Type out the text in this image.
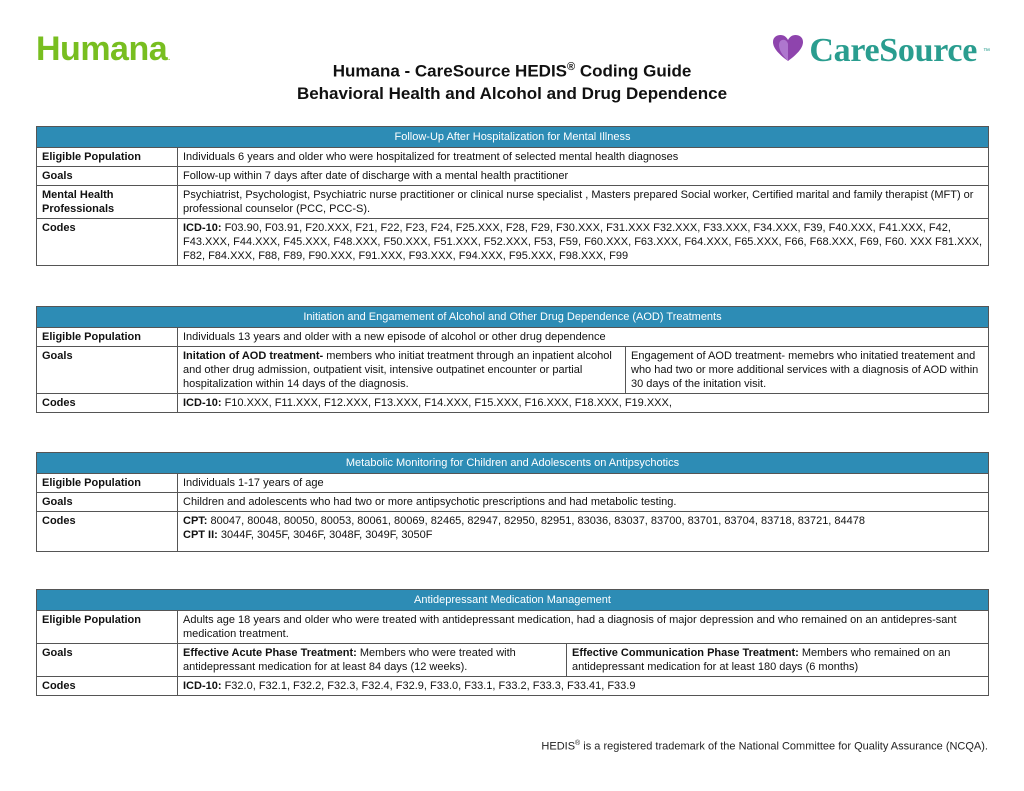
Humana.	CareSource ™
Humana - CareSource HEDIS® Coding Guide
Behavioral Health and Alcohol and Drug Dependence
Follow-Up After Hospitalization for Mental Illness	
Eligible Population	Individuals 6 years and older who were hospitalized for treatment of selected mental health diagnoses
Goals	Follow-up within 7 days after date of discharge with a mental health practitioner
Mental Health Professionals	Psychiatrist, Psychologist, Psychiatric nurse practitioner or clinical nurse specialist , Masters prepared Social worker, Certified marital and family therapist (MFT) or professional counselor (PCC, PCC-S).
Codes	ICD-10: F03.90, F03.91, F20.XXX, F21, F22, F23, F24, F25.XXX, F28, F29, F30.XXX, F31.XXX F32.XXX, F33.XXX, F34.XXX, F39, F40.XXX, F41.XXX, F42, F43.XXX, F44.XXX, F45.XXX, F48.XXX, F50.XXX, F51.XXX, F52.XXX, F53, F59, F60.XXX, F63.XXX, F64.XXX, F65.XXX, F66, F68.XXX, F69, F60. XXX F81.XXX, F82, F84.XXX, F88, F89, F90.XXX, F91.XXX, F93.XXX, F94.XXX, F95.XXX, F98.XXX, F99
Initiation and Engamement of Alcohol and Other Drug Dependence (AOD) Treatments		
Eligible Population	Individuals 13 years and older with a new episode of alcohol or other drug dependence	
Goals	Initation of AOD treatment- members who initiat treatment through an inpatient alcohol and other drug admission, outpatient visit, intensive outpatinet encounter or partial hospitalization within 14 days of the diagnosis.	Engagement of AOD treatment- memebrs who initatied treatement and who had two or more additional services with a diagnosis of AOD within 30 days of the initation visit.
Codes	ICD-10: F10.XXX, F11.XXX, F12.XXX, F13.XXX, F14.XXX, F15.XXX, F16.XXX, F18.XXX, F19.XXX,	
Metabolic Monitoring for Children and Adolescents on Antipsychotics	
Eligible Population	Individuals 1-17 years of age
Goals	Children and adolescents who had two or more antipsychotic prescriptions and had metabolic testing.
Codes	CPT: 80047, 80048, 80050, 80053, 80061, 80069, 82465, 82947, 82950, 82951, 83036, 83037, 83700, 83701, 83704, 83718, 83721, 84478
CPT II: 3044F, 3045F, 3046F, 3048F, 3049F, 3050F
Antidepressant Medication Management		
Eligible Population	Adults age 18 years and older who were treated with antidepressant medication, had a diagnosis of major depression and who remained on an antidepres-sant medication treatment.	
Goals	Effective Acute Phase Treatment: Members who were treated with antidepressant medication for at least 84 days (12 weeks).	Effective Communication Phase Treatment: Members who remained on an antidepressant medication for at least 180 days (6 months)
Codes	ICD-10: F32.0, F32.1, F32.2, F32.3, F32.4, F32.9, F33.0, F33.1, F33.2, F33.3, F33.41, F33.9	
HEDIS® is a registered trademark of the National Committee for Quality Assurance (NCQA).
